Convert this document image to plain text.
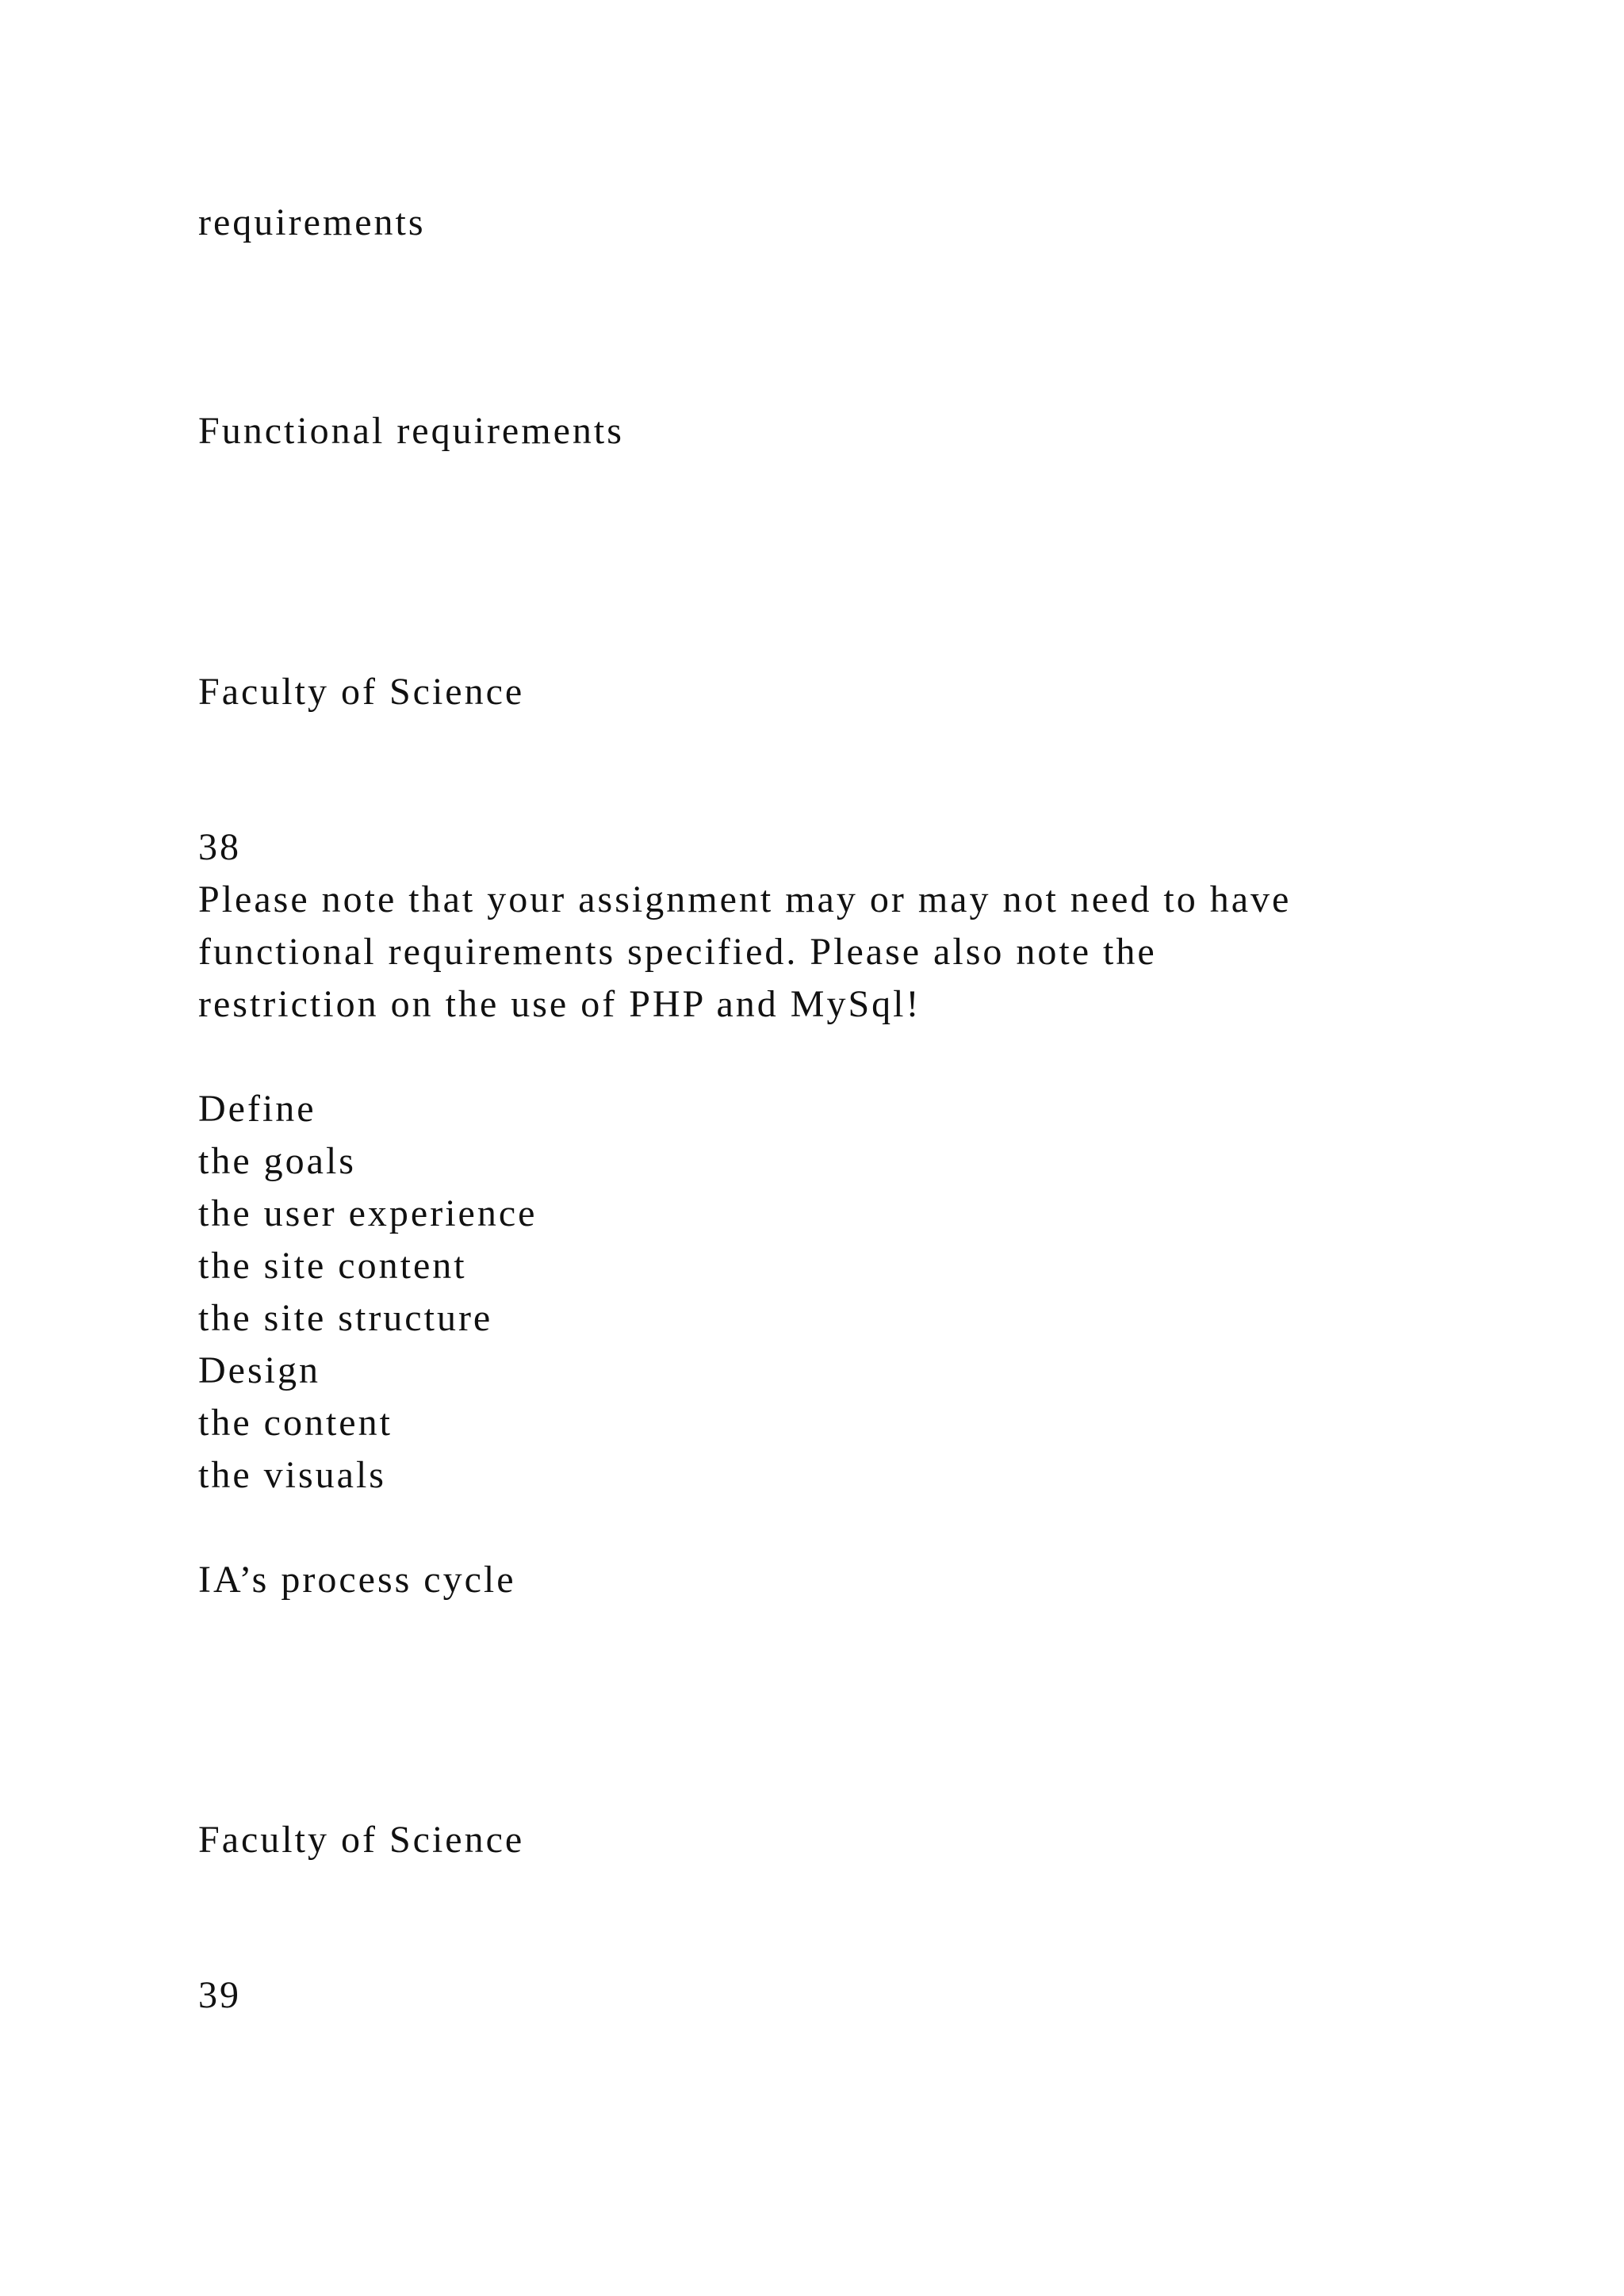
requirements

Functional requirements

Faculty of Science

38

Please note that your assignment may or may not need to have
functional requirements specified. Please also note the
restriction on the use of PHP and MySql!
Define
the goals
the user experience
the site content
the site structure
Design
the content
the visuals

IA’s process cycle

Faculty of Science

39
